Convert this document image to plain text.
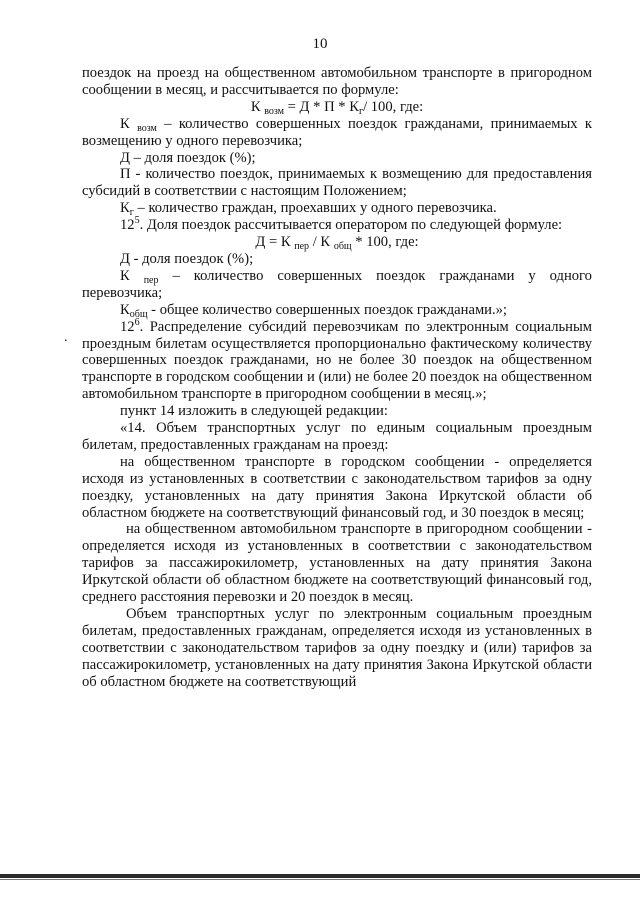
10
.

поездок на проезд на общественном автомобильном транспорте в пригородном сообщении в месяц, и рассчитывается по формуле:

К $_{возм} = Д * П * К_г/$ 100, где:

К $_{возм}$ – количество совершенных поездок гражданами, принимаемых к возмещению у одного перевозчика;

Д – доля поездок (%);

П - количество поездок, принимаемых к возмещению для предоставления субсидий в соответствии с настоящим Положением;

$К_г$ – количество граждан, проехавших у одного перевозчика.

$12^5$. Доля поездок рассчитывается оператором по следующей формуле:

Д = К $_{пер}$ / К $_{общ}$ * 100, где:

Д - доля поездок (%);

К $_{пер}$ – количество совершенных поездок гражданами у одного перевозчика;

$К_{общ}$ - общее количество совершенных поездок гражданами.»;

$12^6$. Распределение субсидий перевозчикам по электронным социальным проездным билетам осуществляется пропорционально фактическому количеству совершенных поездок гражданами, но не более 30 поездок на общественном транспорте в городском сообщении и (или) не более 20 поездок на общественном автомобильном транспорте в пригородном сообщении в месяц.»;

пункт 14 изложить в следующей редакции:

«14. Объем транспортных услуг по единым социальным проездным билетам, предоставленных гражданам на проезд:

на общественном транспорте в городском сообщении - определяется исходя из установленных в соответствии с законодательством тарифов за одну поездку, установленных на дату принятия Закона Иркутской области об областном бюджете на соответствующий финансовый год, и 30 поездок в месяц;

на общественном автомобильном транспорте в пригородном сообщении - определяется исходя из установленных в соответствии с законодательством тарифов за пассажирокилометр, установленных на дату принятия Закона Иркутской области об областном бюджете на соответствующий финансовый год, среднего расстояния перевозки и 20 поездок в месяц.

Объем транспортных услуг по электронным социальным проездным билетам, предоставленных гражданам, определяется исходя из установленных в соответствии с законодательством тарифов за одну поездку и (или) тарифов за пассажирокилометр, установленных на дату принятия Закона Иркутской области об областном бюджете на соответствующий
